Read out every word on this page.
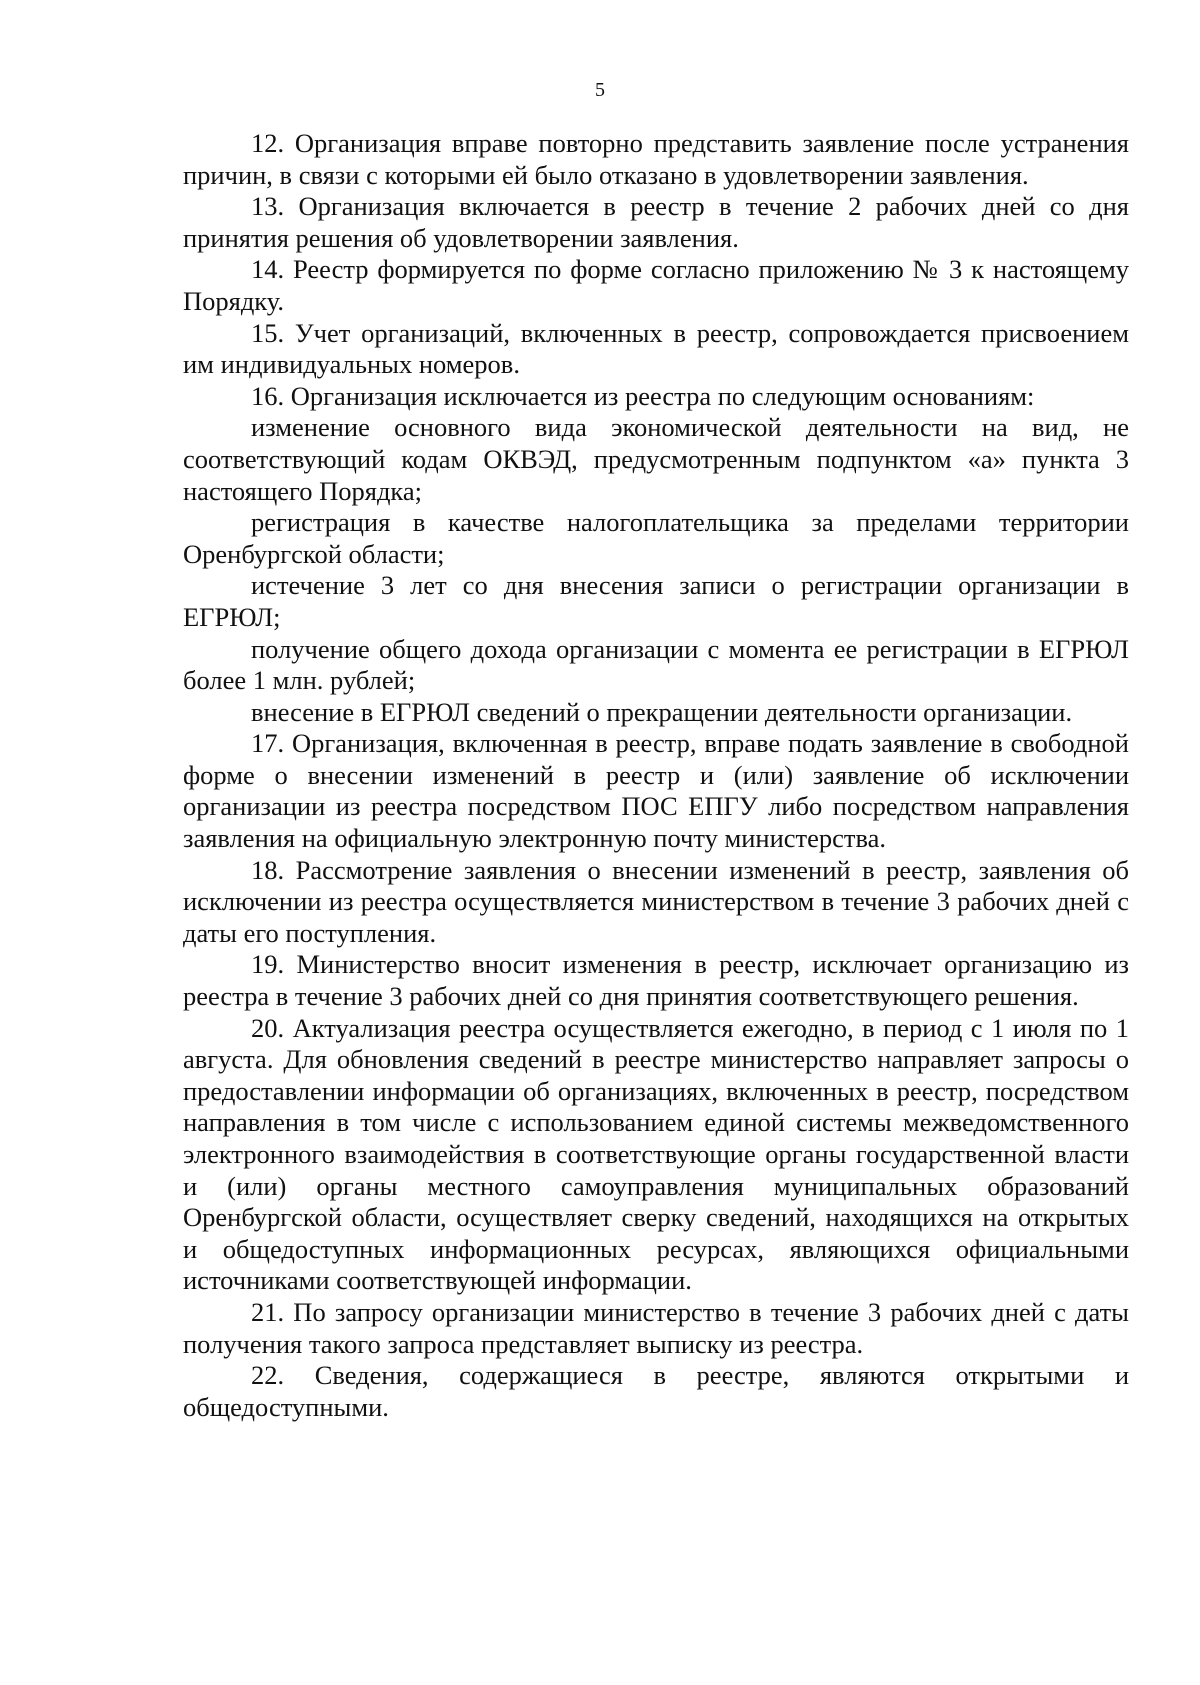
5

12. Организация вправе повторно представить заявление после устранения причин, в связи с которыми ей было отказано в удовлетворении заявления.

13. Организация включается в реестр в течение 2 рабочих дней со дня принятия решения об удовлетворении заявления.

14. Реестр формируется по форме согласно приложению № 3 к настоящему Порядку.

15. Учет организаций, включенных в реестр, сопровождается присвоением им индивидуальных номеров.

16. Организация исключается из реестра по следующим основаниям:

изменение основного вида экономической деятельности на вид, не соответствующий кодам ОКВЭД, предусмотренным подпунктом «а» пункта 3 настоящего Порядка;

регистрация в качестве налогоплательщика за пределами территории Оренбургской области;

истечение 3 лет со дня внесения записи о регистрации организации в ЕГРЮЛ;

получение общего дохода организации с момента ее регистрации в ЕГРЮЛ более 1 млн. рублей;

внесение в ЕГРЮЛ сведений о прекращении деятельности организации.

17. Организация, включенная в реестр, вправе подать заявление в свободной форме о внесении изменений в реестр и (или) заявление об исключении организации из реестра посредством ПОС ЕПГУ либо посредством направления заявления на официальную электронную почту министерства.

18. Рассмотрение заявления о внесении изменений в реестр, заявления об исключении из реестра осуществляется министерством в течение 3 рабочих дней с даты его поступления.

19. Министерство вносит изменения в реестр, исключает организацию из реестра в течение 3 рабочих дней со дня принятия соответствующего решения.

20. Актуализация реестра осуществляется ежегодно, в период с 1 июля по 1 августа. Для обновления сведений в реестре министерство направляет запросы о предоставлении информации об организациях, включенных в реестр, посредством направления в том числе с использованием единой системы межведомственного электронного взаимодействия в соответствующие органы государственной власти и (или) органы местного самоуправления муниципальных образований Оренбургской области, осуществляет сверку сведений, находящихся на открытых и общедоступных информационных ресурсах, являющихся официальными источниками соответствующей информации.

21. По запросу организации министерство в течение 3 рабочих дней с даты получения такого запроса представляет выписку из реестра.

22. Сведения, содержащиеся в реестре, являются открытыми и общедоступными.
